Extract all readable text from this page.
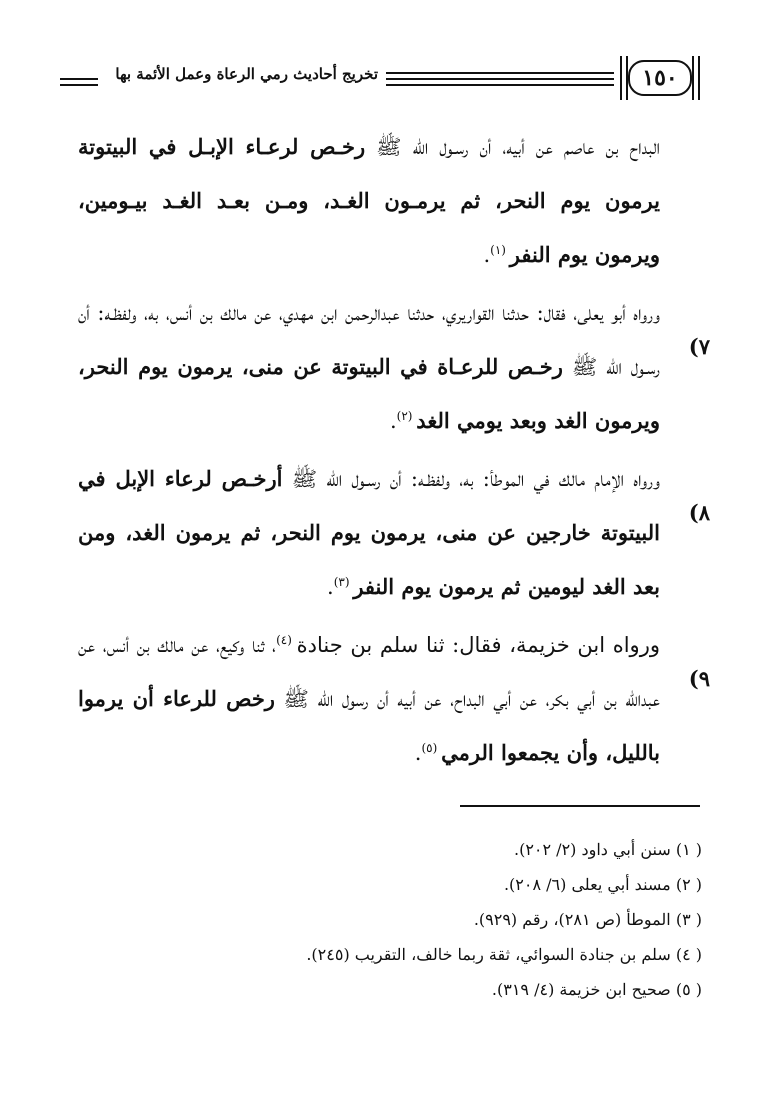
تخريج أحاديث رمي الرعاة وعمل الأئمة بها	١٥٠

البداح بن عاصم عن أبيه، أن رسـول الله ﷺ رخـص لرعـاء الإبـل في البيتوتة يرمون يوم النحر، ثم يرمـون الغـد، ومـن بعـد الغـد بيـومين، ويرمون يوم النفر $^{(١)}$.

٧)
ورواه أبو يعلى، فقال: حدثنا القواريري، حدثنا عبدالرحمن ابن مهدي، عن مالك بن أنس، به، ولفظـه: أن رسـول الله ﷺ رخـص للرعـاة في البيتوتة عن منى، يرمون يوم النحر، ويرمون الغد وبعد يومي الغد $^{(٢)}$.

٨)
ورواه الإمام مالك في الموطأ: به، ولفظـه: أن رسـول الله ﷺ أرخـص لرعاء الإبل في البيتوتة خارجين عن منى، يرمون يوم النحر، ثم يرمون الغد، ومن بعد الغد ليومين ثم يرمون يوم النفر $^{(٣)}$.

٩)
ورواه ابن خزيمة، فقال: ثنا سلم بن جنادة $^{(٤)}$، ثنا وكيع، عن مالك بن أنس، عن عبدالله بن أبي بكر، عن أبي البداح، عن أبيه أن رسول الله ﷺ رخص للرعاء أن يرموا بالليل، وأن يجمعوا الرمي $^{(٥)}$.

( ١) سنن أبي داود (٢/ ٢٠٢).
( ٢) مسند أبي يعلى (٦/ ٢٠٨).
( ٣) الموطأ (ص ٢٨١)، رقم (٩٢٩).
( ٤) سلم بن جنادة السوائي، ثقة ربما خالف، التقريب (٢٤٥).
( ٥) صحيح ابن خزيمة (٤/ ٣١٩).
